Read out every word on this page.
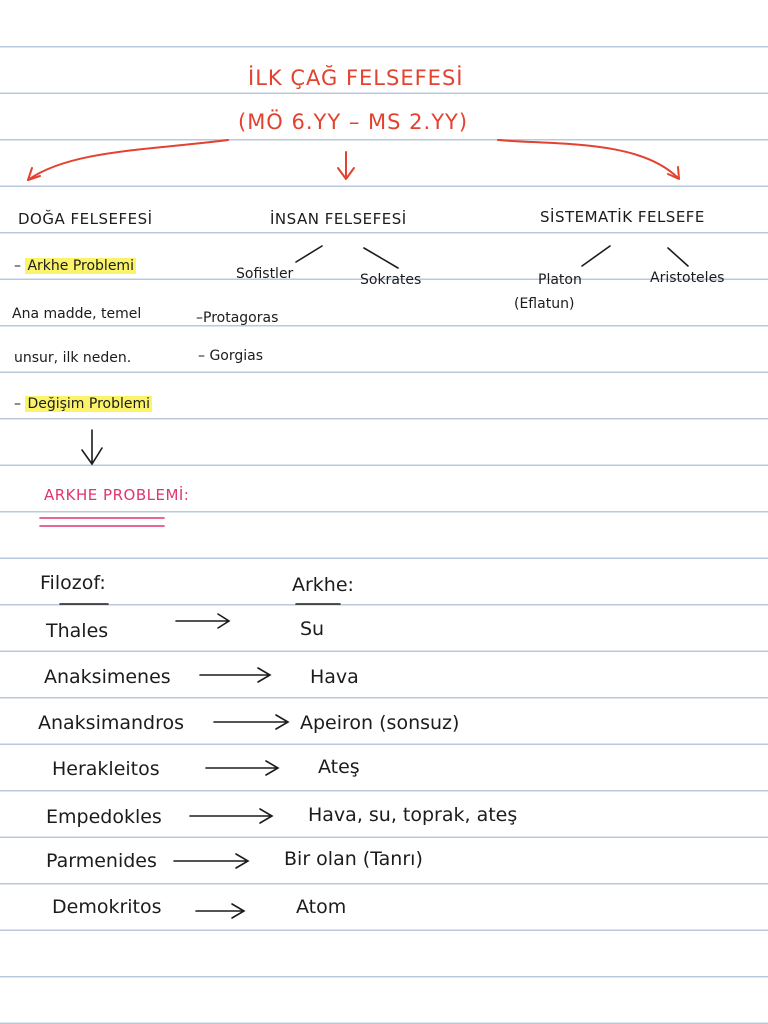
İLK ÇAĞ FELSEFESİ
(MÖ 6.YY – MS 2.YY)
DOĞA FELSEFESİ	İNSAN FELSEFESİ	SİSTEMATİK FELSEFE
– Arkhe Problemi
Ana madde, temel
unsur, ilk neden.
– Değişim Problemi
Sofistler	Sokrates
–Protagoras
– Gorgias
Platon
(Eflatun)
Aristoteles
ARKHE PROBLEMİ:
Filozof:	Arkhe:
Thales	Su
Anaksimenes	Hava
Anaksimandros	Apeiron (sonsuz)
Herakleitos	Ateş
Empedokles	Hava, su, toprak, ateş
Parmenides	Bir olan (Tanrı)
Demokritos	Atom
